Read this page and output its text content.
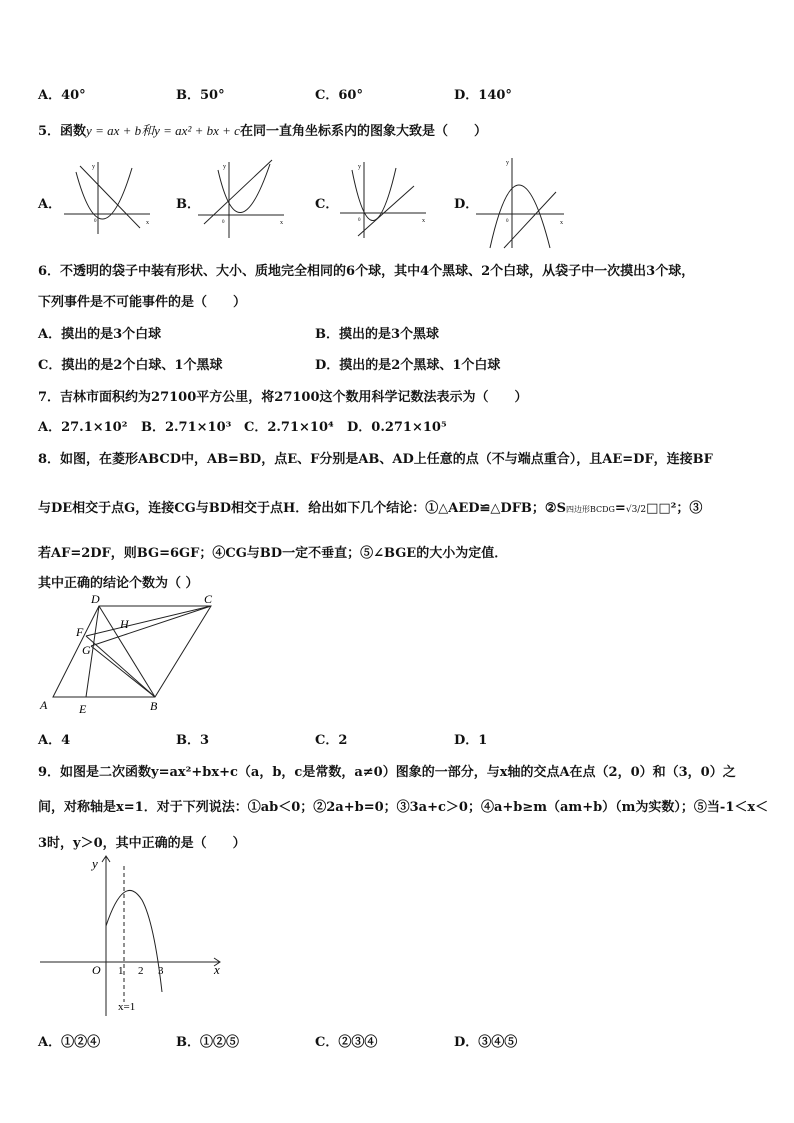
A．40°	B．50°	C．60°	D．140°
5．函数y = ax + b和y = ax² + bx + c在同一直角坐标系内的图象大致是（　　）
A．	B．	C．	D．
x
y
0	x
y
0	x
y
0	x
y
0
6．不透明的袋子中装有形状、大小、质地完全相同的6个球，其中4个黑球、2个白球，从袋子中一次摸出3个球，
下列事件是不可能事件的是（　　）
A．摸出的是3个白球	B．摸出的是3个黑球
C．摸出的是2个白球、1个黑球	D．摸出的是2个黑球、1个白球
7．吉林市面积约为27100平方公里，将27100这个数用科学记数法表示为（　　）
A．27.1×10² B．2.71×10³ C．2.71×10⁴ D．0.271×10⁵
8．如图，在菱形ABCD中，AB=BD，点E、F分别是AB、AD上任意的点（不与端点重合），且AE=DF，连接BF
与DE相交于点G，连接CG与BD相交于点H．给出如下几个结论：①△AED≌△DFB；②S四边形BCDG=√3/2□□²；③
若AF=2DF，则BG=6GF；④CG与BD一定不垂直；⑤∠BGE的大小为定值．
其中正确的结论个数为（ ）
D	C
F
H
G
A	E	B
A．4	B．3	C．2	D．1
9．如图是二次函数y=ax²+bx+c（a，b，c是常数，a≠0）图象的一部分，与x轴的交点A在点（2，0）和（3，0）之
间，对称轴是x=1．对于下列说法：①ab＜0；②2a+b=0；③3a+c＞0；④a+b≥m（am+b）（m为实数）；⑤当-1＜x＜
3时，y＞0，其中正确的是（　　）
y
x
O 1 2 3
x=1
A．①②④	B．①②⑤	C．②③④	D．③④⑤
